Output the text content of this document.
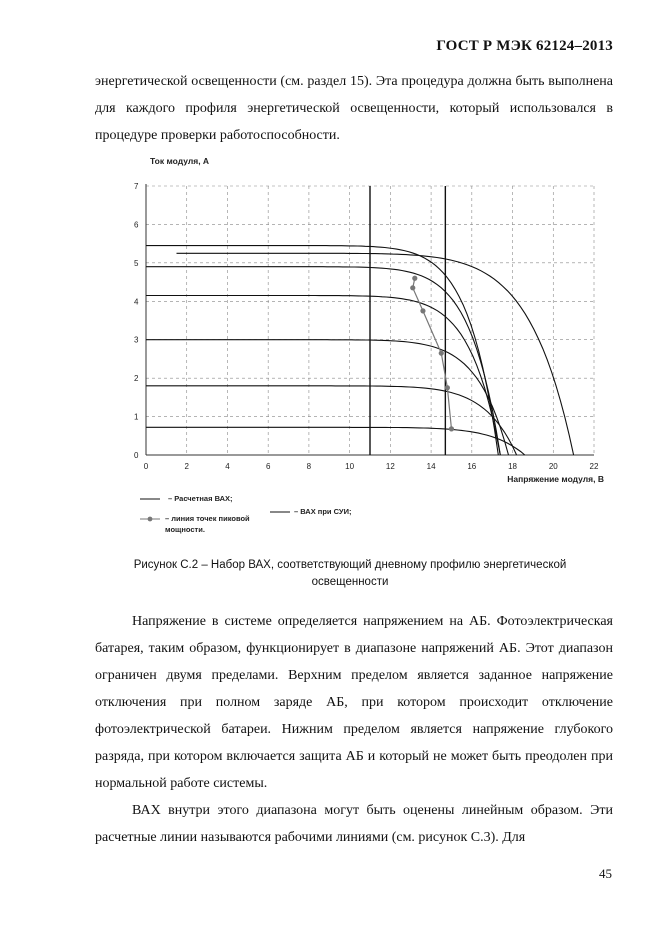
ГОСТ Р МЭК 62124–2013
энергетической освещенности (см. раздел 15). Эта процедура должна быть выполнена для каждого профиля энергетической освещенности, который использовался в процедуре проверки работоспособности.
0
1
2
3
4
5
6
7
0	2	4	6	8	10	12	14	16	18	20	22
Ток модуля, А
Напряжение модуля, В
– Расчетная ВАХ;
– линия точек пиковой мощности.
– ВАХ при СУИ;
Рисунок С.2 – Набор ВАХ, соответствующий дневному профилю энергетической
освещенности
Напряжение в системе определяется напряжением на АБ. Фотоэлектрическая батарея, таким образом, функционирует в диапазоне напряжений АБ. Этот диапазон ограничен двумя пределами. Верхним пределом является заданное напряжение отключения при полном заряде АБ, при котором происходит отключение фотоэлектрической батареи. Нижним пределом является напряжение глубокого разряда, при котором включается защита АБ и который не может быть преодолен при нормальной работе системы.
ВАХ внутри этого диапазона могут быть оценены линейным образом. Эти расчетные линии называются рабочими линиями (см. рисунок С.3). Для
45
